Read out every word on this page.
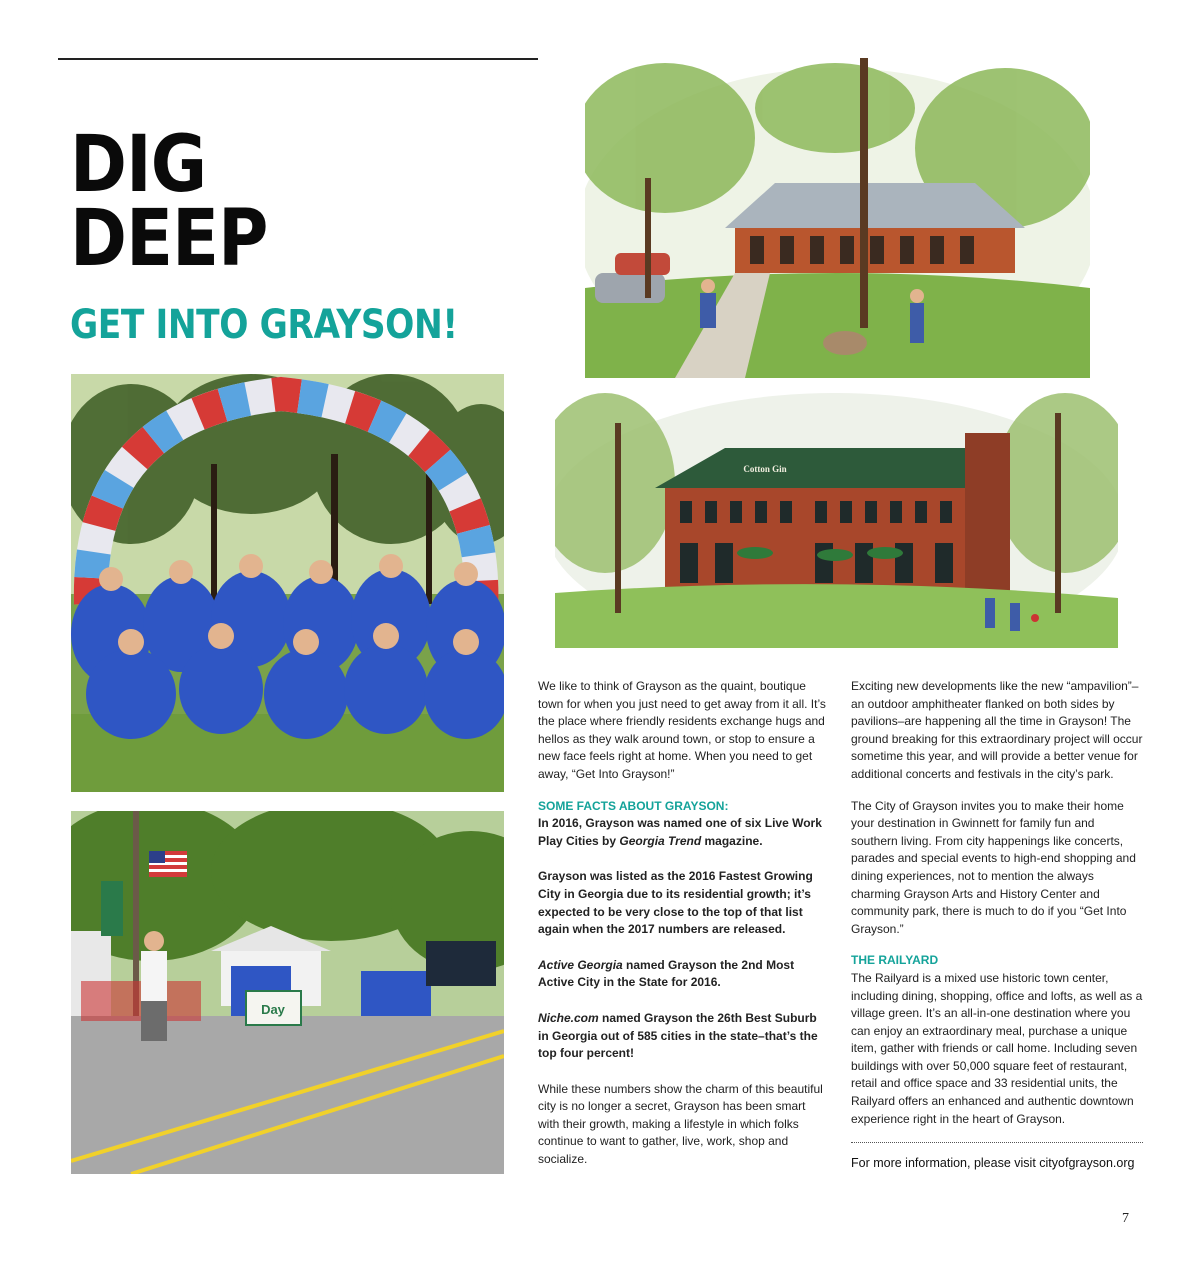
DIG
DEEP
GET INTO GRAYSON!
Day
Cotton Gin

We like to think of Grayson as the quaint, boutique town for when you just need to get away from it all. It’s the place where friendly residents exchange hugs and hellos as they walk around town, or stop to ensure a new face feels right at home. When you need to get away, “Get Into Grayson!”

SOME FACTS ABOUT GRAYSON:

In 2016, Grayson was named one of six Live Work Play Cities by Georgia Trend magazine.

Grayson was listed as the 2016 Fastest Growing City in Georgia due to its residential growth; it’s expected to be very close to the top of that list again when the 2017 numbers are released.

Active Georgia named Grayson the 2nd Most Active City in the State for 2016.

Niche.com named Grayson the 26th Best Suburb in Georgia out of 585 cities in the state–that’s the top four percent!

While these numbers show the charm of this beautiful city is no longer a secret, Grayson has been smart with their growth, making a lifestyle in which folks continue to want to gather, live, work, shop and socialize.

Exciting new developments like the new “ampavilion”–an outdoor amphitheater flanked on both sides by pavilions–are happening all the time in Grayson! The ground breaking for this extraordinary project will occur sometime this year, and will provide a better venue for additional concerts and festivals in the city’s park.

The City of Grayson invites you to make their home your destination in Gwinnett for family fun and southern living. From city happenings like concerts, parades and special events to high-end shopping and dining experiences, not to mention the always charming Grayson Arts and History Center and community park, there is much to do if you “Get Into Grayson.”

THE RAILYARD

The Railyard is a mixed use historic town center, including dining, shopping, office and lofts, as well as a village green. It’s an all-in-one destination where you can enjoy an extraordinary meal, purchase a unique item, gather with friends or call home. Including seven buildings with over 50,000 square feet of restaurant, retail and office space and 33 residential units, the Railyard offers an enhanced and authentic downtown experience right in the heart of Grayson.

For more information, please visit cityofgrayson.org
7
